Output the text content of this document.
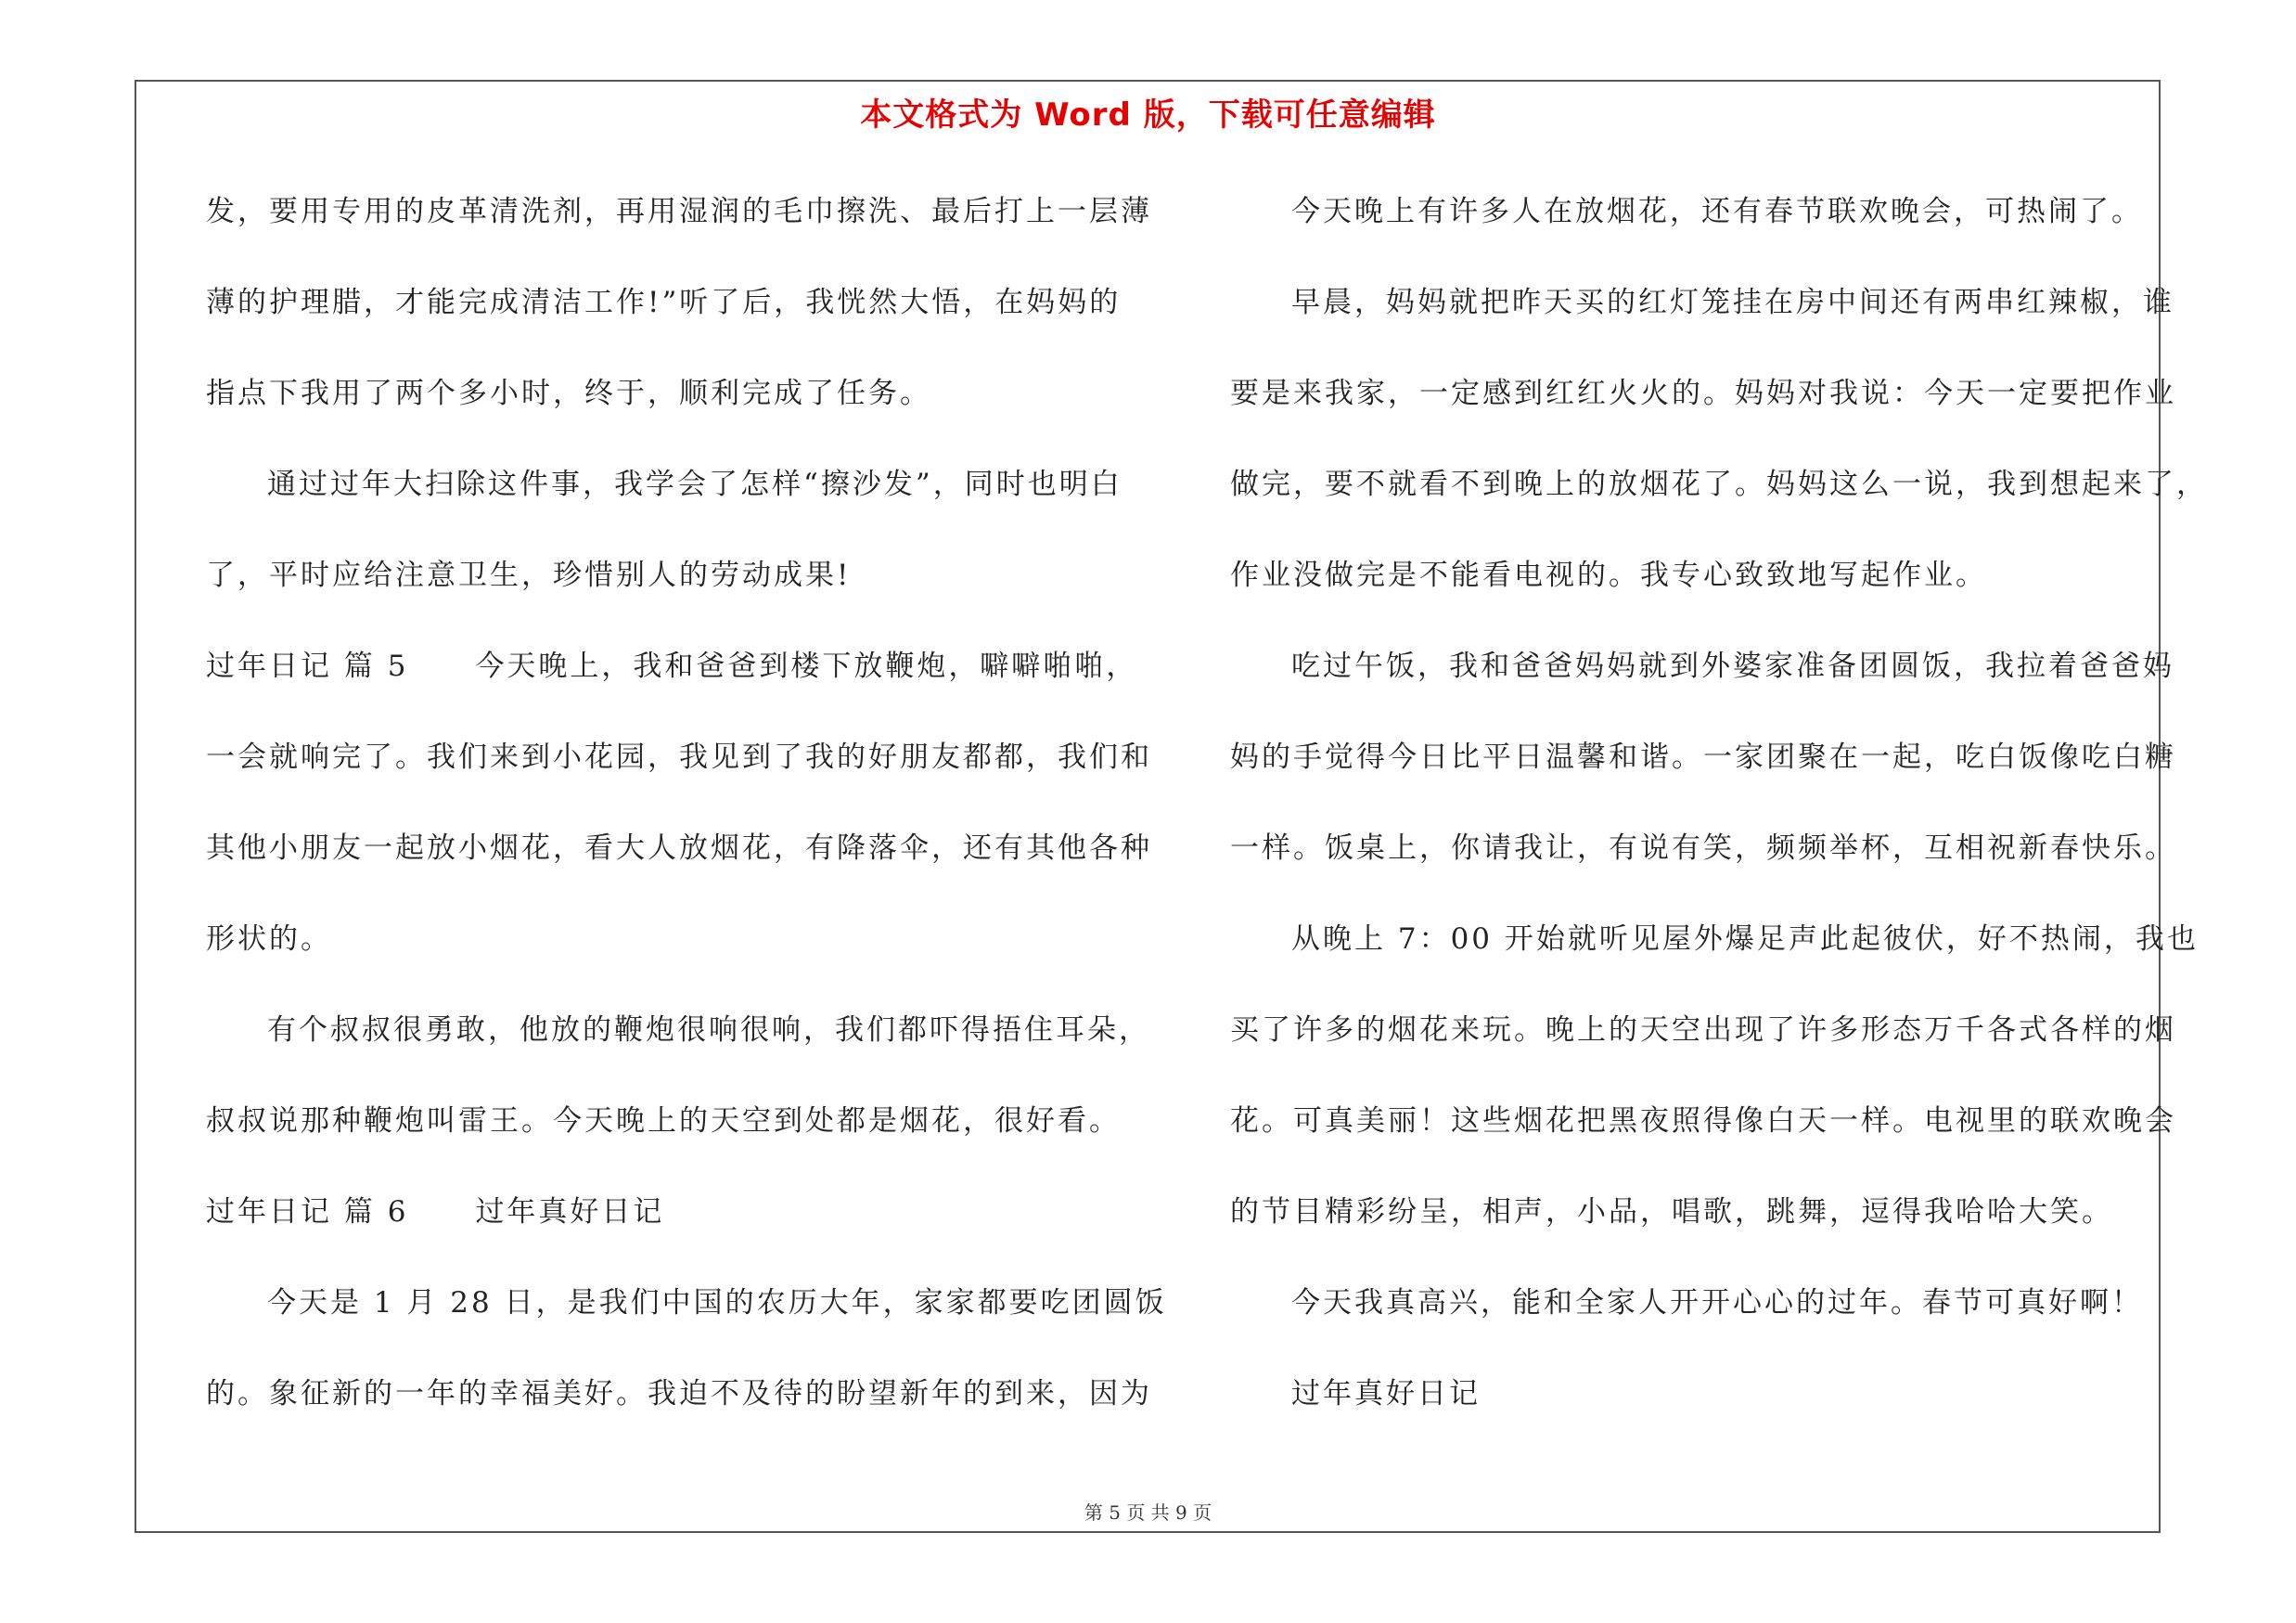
本文格式为 Word 版，下载可任意编辑
发，要用专用的皮革清洗剂，再用湿润的毛巾擦洗、最后打上一层薄
薄的护理腊，才能完成清洁工作!”听了后，我恍然大悟，在妈妈的
指点下我用了两个多小时，终于，顺利完成了任务。
通过过年大扫除这件事，我学会了怎样“擦沙发”，同时也明白
了，平时应给注意卫生，珍惜别人的劳动成果!
过年日记 篇 5 今天晚上，我和爸爸到楼下放鞭炮，噼噼啪啪，
一会就响完了。我们来到小花园，我见到了我的好朋友都都，我们和
其他小朋友一起放小烟花，看大人放烟花，有降落伞，还有其他各种
形状的。
有个叔叔很勇敢，他放的鞭炮很响很响，我们都吓得捂住耳朵，
叔叔说那种鞭炮叫雷王。今天晚上的天空到处都是烟花，很好看。
过年日记 篇 6 过年真好日记
今天是 1 月 28 日，是我们中国的农历大年，家家都要吃团圆饭
的。象征新的一年的幸福美好。我迫不及待的盼望新年的到来，因为
今天晚上有许多人在放烟花，还有春节联欢晚会，可热闹了。
早晨，妈妈就把昨天买的红灯笼挂在房中间还有两串红辣椒，谁
要是来我家，一定感到红红火火的。妈妈对我说：今天一定要把作业
做完，要不就看不到晚上的放烟花了。妈妈这么一说，我到想起来了，
作业没做完是不能看电视的。我专心致致地写起作业。
吃过午饭，我和爸爸妈妈就到外婆家准备团圆饭，我拉着爸爸妈
妈的手觉得今日比平日温馨和谐。一家团聚在一起，吃白饭像吃白糖
一样。饭桌上，你请我让，有说有笑，频频举杯，互相祝新春快乐。
从晚上 7：00 开始就听见屋外爆足声此起彼伏，好不热闹，我也
买了许多的烟花来玩。晚上的天空出现了许多形态万千各式各样的烟
花。可真美丽！这些烟花把黑夜照得像白天一样。电视里的联欢晚会
的节目精彩纷呈，相声，小品，唱歌，跳舞，逗得我哈哈大笑。
今天我真高兴，能和全家人开开心心的过年。春节可真好啊！
过年真好日记
第 5 页 共 9 页
